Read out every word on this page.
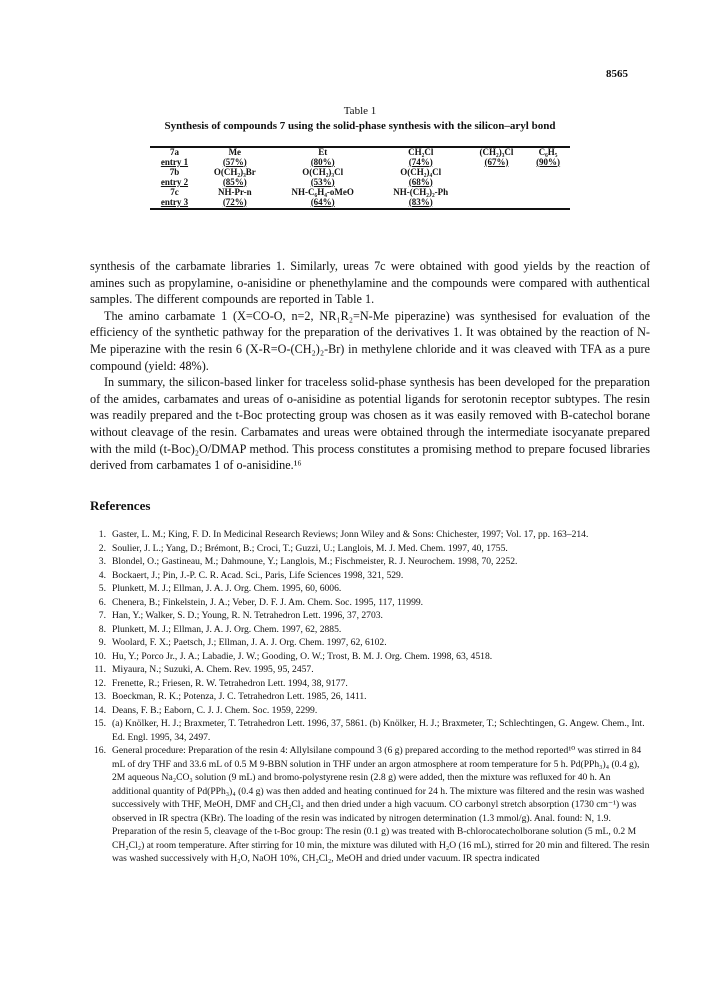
8565
Table 1
Synthesis of compounds 7 using the solid-phase synthesis with the silicon–aryl bond
7a	Me	Et	CH₂Cl	(CH₂)₃Cl	C₆H₅
entry 1	(57%)	(80%)	(74%)	(67%)	(90%)
7b	O(CH₂)₃Br	O(CH₂)₃Cl	O(CH₂)₄Cl		
entry 2	(85%)	(53%)	(68%)		
7c	NH-Pr-n	NH-C₆H₄-oMeO	NH-(CH₂)₂-Ph		
entry 3	(72%)	(64%)	(83%)		

synthesis of the carbamate libraries 1. Similarly, ureas 7c were obtained with good yields by the reaction of amines such as propylamine, o-anisidine or phenethylamine and the compounds were compared with authentical samples. The different compounds are reported in Table 1.

The amino carbamate 1 (X=CO-O, n=2, NR₁R₂=N-Me piperazine) was synthesised for evaluation of the efficiency of the synthetic pathway for the preparation of the derivatives 1. It was obtained by the reaction of N-Me piperazine with the resin 6 (X-R=O-(CH₂)₂-Br) in methylene chloride and it was cleaved with TFA as a pure compound (yield: 48%).

In summary, the silicon-based linker for traceless solid-phase synthesis has been developed for the preparation of the amides, carbamates and ureas of o-anisidine as potential ligands for serotonin receptor subtypes. The resin was readily prepared and the t-Boc protecting group was chosen as it was easily removed with B-catechol borane without cleavage of the resin. Carbamates and ureas were obtained through the intermediate isocyanate prepared with the mild (t-Boc)₂O/DMAP method. This process constitutes a promising method to prepare focused libraries derived from carbamates 1 of o-anisidine.¹⁶

References
1. Gaster, L. M.; King, F. D. In Medicinal Research Reviews; Jonn Wiley and & Sons: Chichester, 1997; Vol. 17, pp. 163–214.
2. Soulier, J. L.; Yang, D.; Brémont, B.; Croci, T.; Guzzi, U.; Langlois, M. J. Med. Chem. 1997, 40, 1755.
3. Blondel, O.; Gastineau, M.; Dahmoune, Y.; Langlois, M.; Fischmeister, R. J. Neurochem. 1998, 70, 2252.
4. Bockaert, J.; Pin, J.-P. C. R. Acad. Sci., Paris, Life Sciences 1998, 321, 529.
5. Plunkett, M. J.; Ellman, J. A. J. Org. Chem. 1995, 60, 6006.
6. Chenera, B.; Finkelstein, J. A.; Veber, D. F. J. Am. Chem. Soc. 1995, 117, 11999.
7. Han, Y.; Walker, S. D.; Young, R. N. Tetrahedron Lett. 1996, 37, 2703.
8. Plunkett, M. J.; Ellman, J. A. J. Org. Chem. 1997, 62, 2885.
9. Woolard, F. X.; Paetsch, J.; Ellman, J. A. J. Org. Chem. 1997, 62, 6102.
10. Hu, Y.; Porco Jr., J. A.; Labadie, J. W.; Gooding, O. W.; Trost, B. M. J. Org. Chem. 1998, 63, 4518.
11. Miyaura, N.; Suzuki, A. Chem. Rev. 1995, 95, 2457.
12. Frenette, R.; Friesen, R. W. Tetrahedron Lett. 1994, 38, 9177.
13. Boeckman, R. K.; Potenza, J. C. Tetrahedron Lett. 1985, 26, 1411.
14. Deans, F. B.; Eaborn, C. J. J. Chem. Soc. 1959, 2299.
15. (a) Knölker, H. J.; Braxmeter, T. Tetrahedron Lett. 1996, 37, 5861. (b) Knölker, H. J.; Braxmeter, T.; Schlechtingen, G. Angew. Chem., Int. Ed. Engl. 1995, 34, 2497.
16. General procedure: Preparation of the resin 4: Allylsilane compound 3 (6 g) prepared according to the method reported¹⁰ was stirred in 84 mL of dry THF and 33.6 mL of 0.5 M 9-BBN solution in THF under an argon atmosphere at room temperature for 5 h. Pd(PPh₃)₄ (0.4 g), 2M aqueous Na₂CO₃ solution (9 mL) and bromo-polystyrene resin (2.8 g) were added, then the mixture was refluxed for 40 h. An additional quantity of Pd(PPh₃)₄ (0.4 g) was then added and heating continued for 24 h. The mixture was filtered and the resin was washed successively with THF, MeOH, DMF and CH₂Cl₂ and then dried under a high vacuum. CO carbonyl stretch absorption (1730 cm⁻¹) was observed in IR spectra (KBr). The loading of the resin was indicated by nitrogen determination (1.3 mmol/g). Anal. found: N, 1.9. Preparation of the resin 5, cleavage of the t-Boc group: The resin (0.1 g) was treated with B-chlorocatecholborane solution (5 mL, 0.2 M CH₂Cl₂) at room temperature. After stirring for 10 min, the mixture was diluted with H₂O (16 mL), stirred for 20 min and filtered. The resin was washed successively with H₂O, NaOH 10%, CH₂Cl₂, MeOH and dried under vacuum. IR spectra indicated
